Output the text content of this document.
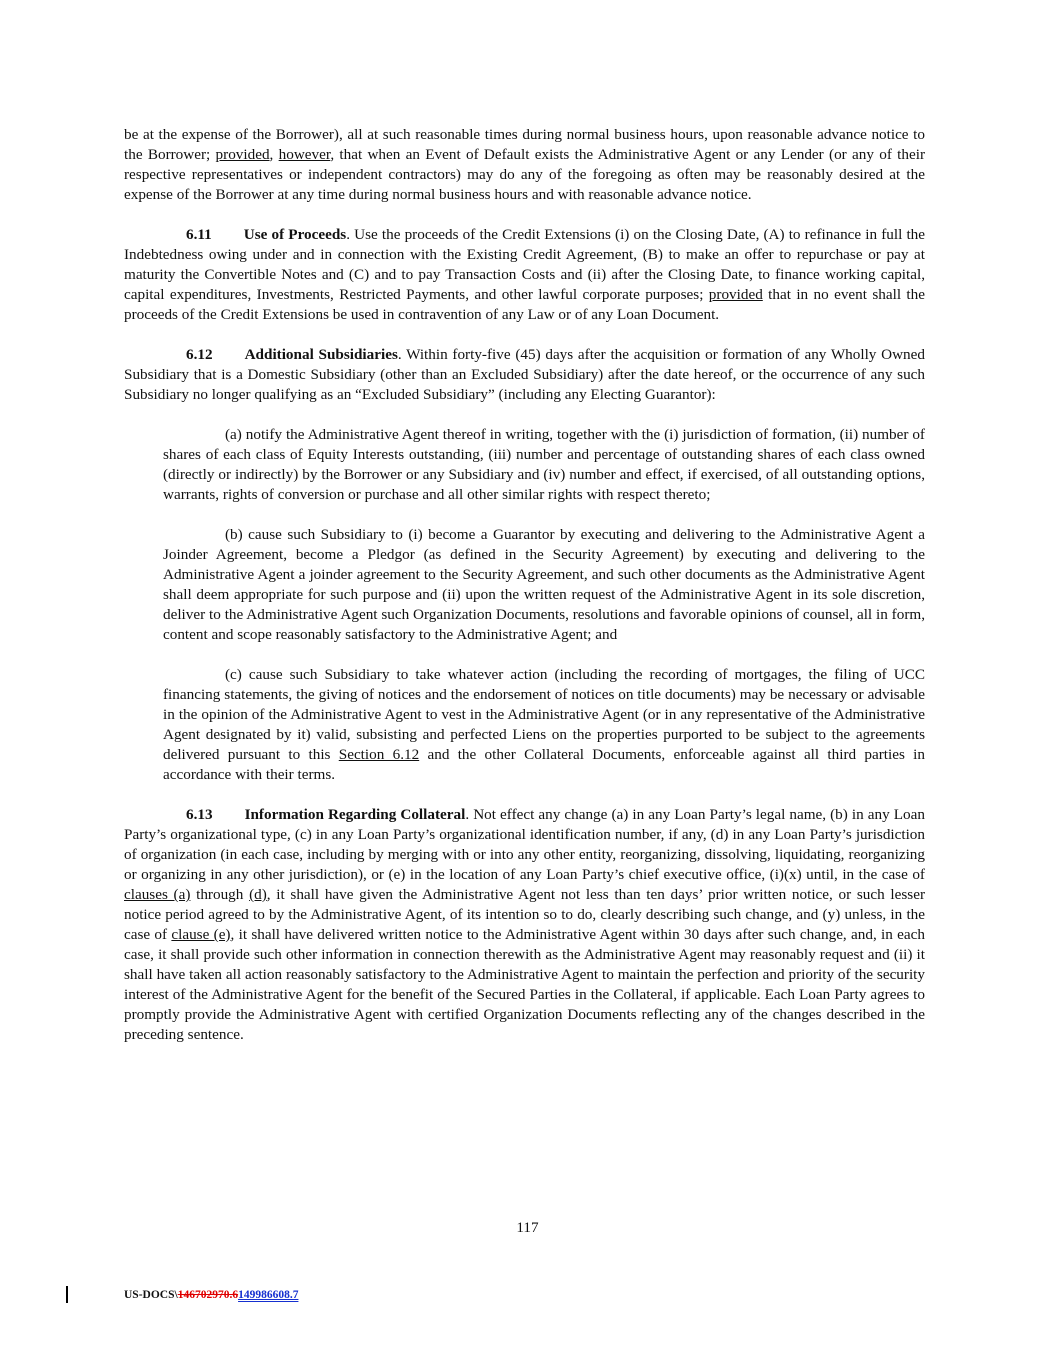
be at the expense of the Borrower), all at such reasonable times during normal business hours, upon reasonable advance notice to the Borrower; provided, however, that when an Event of Default exists the Administrative Agent or any Lender (or any of their respective representatives or independent contractors) may do any of the foregoing as often may be reasonably desired at the expense of the Borrower at any time during normal business hours and with reasonable advance notice.

6.11 Use of Proceeds. Use the proceeds of the Credit Extensions (i) on the Closing Date, (A) to refinance in full the Indebtedness owing under and in connection with the Existing Credit Agreement, (B) to make an offer to repurchase or pay at maturity the Convertible Notes and (C) and to pay Transaction Costs and (ii) after the Closing Date, to finance working capital, capital expenditures, Investments, Restricted Payments, and other lawful corporate purposes; provided that in no event shall the proceeds of the Credit Extensions be used in contravention of any Law or of any Loan Document.

6.12 Additional Subsidiaries. Within forty-five (45) days after the acquisition or formation of any Wholly Owned Subsidiary that is a Domestic Subsidiary (other than an Excluded Subsidiary) after the date hereof, or the occurrence of any such Subsidiary no longer qualifying as an “Excluded Subsidiary” (including any Electing Guarantor):

(a) notify the Administrative Agent thereof in writing, together with the (i) jurisdiction of formation, (ii) number of shares of each class of Equity Interests outstanding, (iii) number and percentage of outstanding shares of each class owned (directly or indirectly) by the Borrower or any Subsidiary and (iv) number and effect, if exercised, of all outstanding options, warrants, rights of conversion or purchase and all other similar rights with respect thereto;

(b) cause such Subsidiary to (i) become a Guarantor by executing and delivering to the Administrative Agent a Joinder Agreement, become a Pledgor (as defined in the Security Agreement) by executing and delivering to the Administrative Agent a joinder agreement to the Security Agreement, and such other documents as the Administrative Agent shall deem appropriate for such purpose and (ii) upon the written request of the Administrative Agent in its sole discretion, deliver to the Administrative Agent such Organization Documents, resolutions and favorable opinions of counsel, all in form, content and scope reasonably satisfactory to the Administrative Agent; and

(c) cause such Subsidiary to take whatever action (including the recording of mortgages, the filing of UCC financing statements, the giving of notices and the endorsement of notices on title documents) may be necessary or advisable in the opinion of the Administrative Agent to vest in the Administrative Agent (or in any representative of the Administrative Agent designated by it) valid, subsisting and perfected Liens on the properties purported to be subject to the agreements delivered pursuant to this Section 6.12 and the other Collateral Documents, enforceable against all third parties in accordance with their terms.

6.13 Information Regarding Collateral. Not effect any change (a) in any Loan Party’s legal name, (b) in any Loan Party’s organizational type, (c) in any Loan Party’s organizational identification number, if any, (d) in any Loan Party’s jurisdiction of organization (in each case, including by merging with or into any other entity, reorganizing, dissolving, liquidating, reorganizing or organizing in any other jurisdiction), or (e) in the location of any Loan Party’s chief executive office, (i)(x) until, in the case of clauses (a) through (d), it shall have given the Administrative Agent not less than ten days’ prior written notice, or such lesser notice period agreed to by the Administrative Agent, of its intention so to do, clearly describing such change, and (y) unless, in the case of clause (e), it shall have delivered written notice to the Administrative Agent within 30 days after such change, and, in each case, it shall provide such other information in connection therewith as the Administrative Agent may reasonably request and (ii) it shall have taken all action reasonably satisfactory to the Administrative Agent to maintain the perfection and priority of the security interest of the Administrative Agent for the benefit of the Secured Parties in the Collateral, if applicable. Each Loan Party agrees to promptly provide the Administrative Agent with certified Organization Documents reflecting any of the changes described in the preceding sentence.

117
US-DOCS\146702970.6149986608.7
